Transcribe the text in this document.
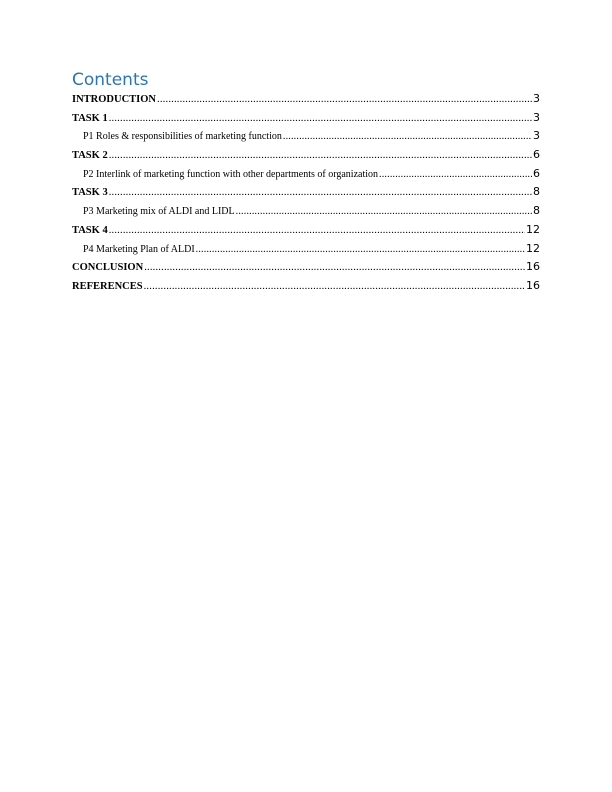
Contents
INTRODUCTION .....	3
TASK 1 .....	3
P1 Roles & responsibilities of marketing function .....	3
TASK 2 .....	6
P2 Interlink of marketing function with other departments of organization .....	6
TASK 3 .....	8
P3 Marketing mix of ALDI and LIDL .....	8
TASK 4 .....	12
P4 Marketing Plan of ALDI .....	12
CONCLUSION .....	16
REFERENCES .....	16
